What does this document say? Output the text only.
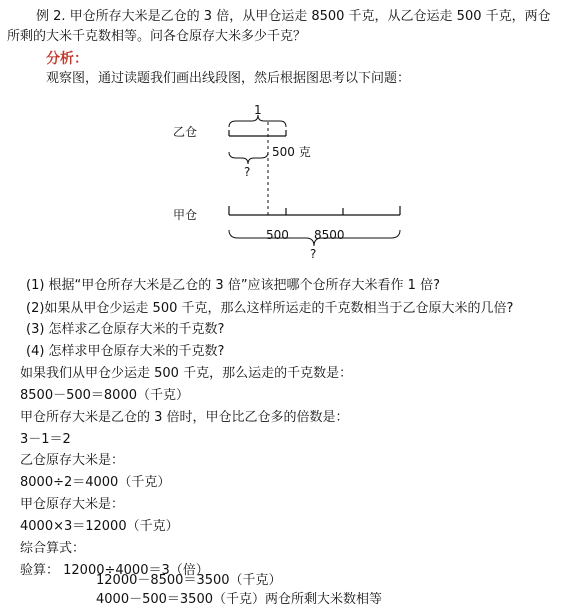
例 2. 甲仓所存大米是乙仓的 3 倍，从甲仓运走 8500 千克，从乙仓运走 500 千克，两仓
所剩的大米千克数相等。问各仓原存大米多少千克？
分析：
观察图，通过读题我们画出线段图，然后根据图思考以下问题：
乙仓
甲仓
1
500 克
?
500 8500
?
(1) 根据“甲仓所存大米是乙仓的 3 倍”应该把哪个仓所存大米看作 1 倍?
(2)如果从甲仓少运走 500 千克，那么这样所运走的千克数相当于乙仓原大米的几倍?
(3) 怎样求乙仓原存大米的千克数?
(4) 怎样求甲仓原存大米的千克数?
如果我们从甲仓少运走 500 千克，那么运走的千克数是：
8500－500＝8000（千克）
甲仓所存大米是乙仓的 3 倍时，甲仓比乙仓多的倍数是：
3－1＝2
乙仓原存大米是：
8000÷2＝4000（千克）
甲仓原存大米是：
4000×3＝12000（千克）
综合算式：
验算： 12000÷4000＝3（倍）
12000－8500＝3500（千克）
4000－500＝3500（千克）两仓所剩大米数相等
